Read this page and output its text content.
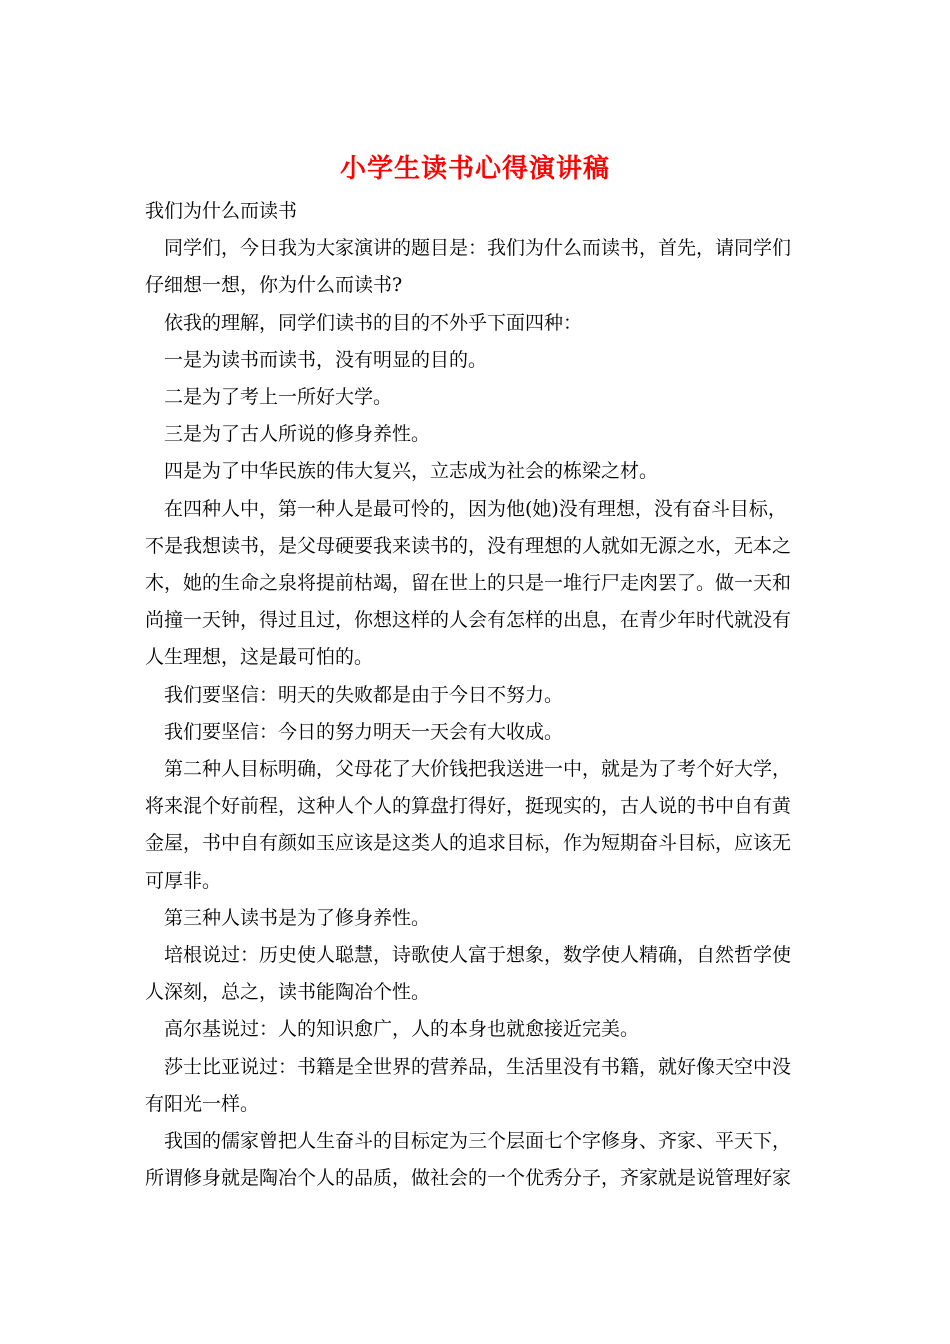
小学生读书心得演讲稿

我们为什么而读书

同学们，今日我为大家演讲的题目是：我们为什么而读书，首先，请同学们仔细想一想，你为什么而读书?

依我的理解，同学们读书的目的不外乎下面四种：

一是为读书而读书，没有明显的目的。

二是为了考上一所好大学。

三是为了古人所说的修身养性。

四是为了中华民族的伟大复兴，立志成为社会的栋梁之材。

在四种人中，第一种人是最可怜的，因为他(她)没有理想，没有奋斗目标，不是我想读书，是父母硬要我来读书的，没有理想的人就如无源之水，无本之木，她的生命之泉将提前枯竭，留在世上的只是一堆行尸走肉罢了。做一天和尚撞一天钟，得过且过，你想这样的人会有怎样的出息，在青少年时代就没有人生理想，这是最可怕的。

我们要坚信：明天的失败都是由于今日不努力。

我们要坚信：今日的努力明天一天会有大收成。

第二种人目标明确，父母花了大价钱把我送进一中，就是为了考个好大学，将来混个好前程，这种人个人的算盘打得好，挺现实的，古人说的书中自有黄金屋，书中自有颜如玉应该是这类人的追求目标，作为短期奋斗目标，应该无可厚非。

第三种人读书是为了修身养性。

培根说过：历史使人聪慧，诗歌使人富于想象，数学使人精确，自然哲学使人深刻，总之，读书能陶冶个性。

高尔基说过：人的知识愈广，人的本身也就愈接近完美。

莎士比亚说过：书籍是全世界的营养品，生活里没有书籍，就好像天空中没有阳光一样。

我国的儒家曾把人生奋斗的目标定为三个层面七个字修身、齐家、平天下，所谓修身就是陶冶个人的品质，做社会的一个优秀分子，齐家就是说管理好家
